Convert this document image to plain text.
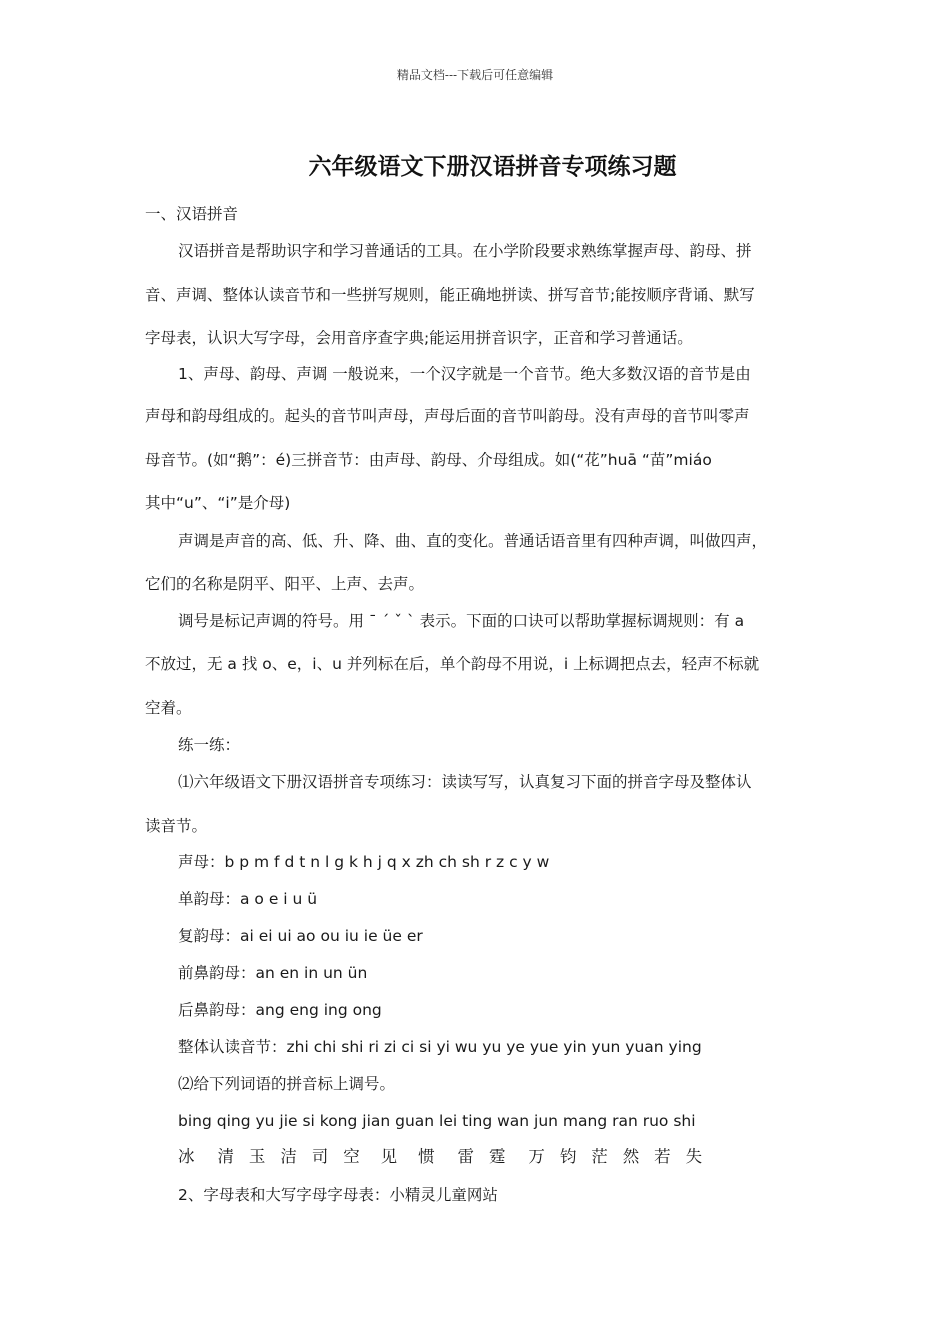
精品文档---下载后可任意编辑
六年级语文下册汉语拼音专项练习题
一、汉语拼音
汉语拼音是帮助识字和学习普通话的工具。在小学阶段要求熟练掌握声母、韵母、拼
音、声调、整体认读音节和一些拼写规则，能正确地拼读、拼写音节;能按顺序背诵、默写
字母表，认识大写字母，会用音序查字典;能运用拼音识字，正音和学习普通话。
1、声母、韵母、声调 一般说来，一个汉字就是一个音节。绝大多数汉语的音节是由
声母和韵母组成的。起头的音节叫声母，声母后面的音节叫韵母。没有声母的音节叫零声
母音节。(如“鹅”：é)三拼音节：由声母、韵母、介母组成。如(“花”huā “苗”miáo
其中“u”、“i”是介母)
声调是声音的高、低、升、降、曲、直的变化。普通话语音里有四种声调，叫做四声，
它们的名称是阴平、阳平、上声、去声。
调号是标记声调的符号。用 ˉ ˊ ˇ ˋ 表示。下面的口诀可以帮助掌握标调规则：有 a
不放过，无 a 找 o、e，i、u 并列标在后，单个韵母不用说，i 上标调把点去，轻声不标就
空着。
练一练：
⑴六年级语文下册汉语拼音专项练习：读读写写，认真复习下面的拼音字母及整体认
读音节。
声母：b p m f d t n l g k h j q x zh ch sh r z c y w
单韵母：a o e i u ü
复韵母：ai ei ui ao ou iu ie üe er
前鼻韵母：an en in un ün
后鼻韵母：ang eng ing ong
整体认读音节：zhi chi shi ri zi ci si yi wu yu ye yue yin yun yuan ying
⑵给下列词语的拼音标上调号。
bing qing yu jie si kong jian guan lei ting wan jun mang ran ruo shi
冰 清 玉 洁 司 空 见 惯 雷 霆 万 钧 茫 然 若 失
2、字母表和大写字母字母表：小精灵儿童网站
